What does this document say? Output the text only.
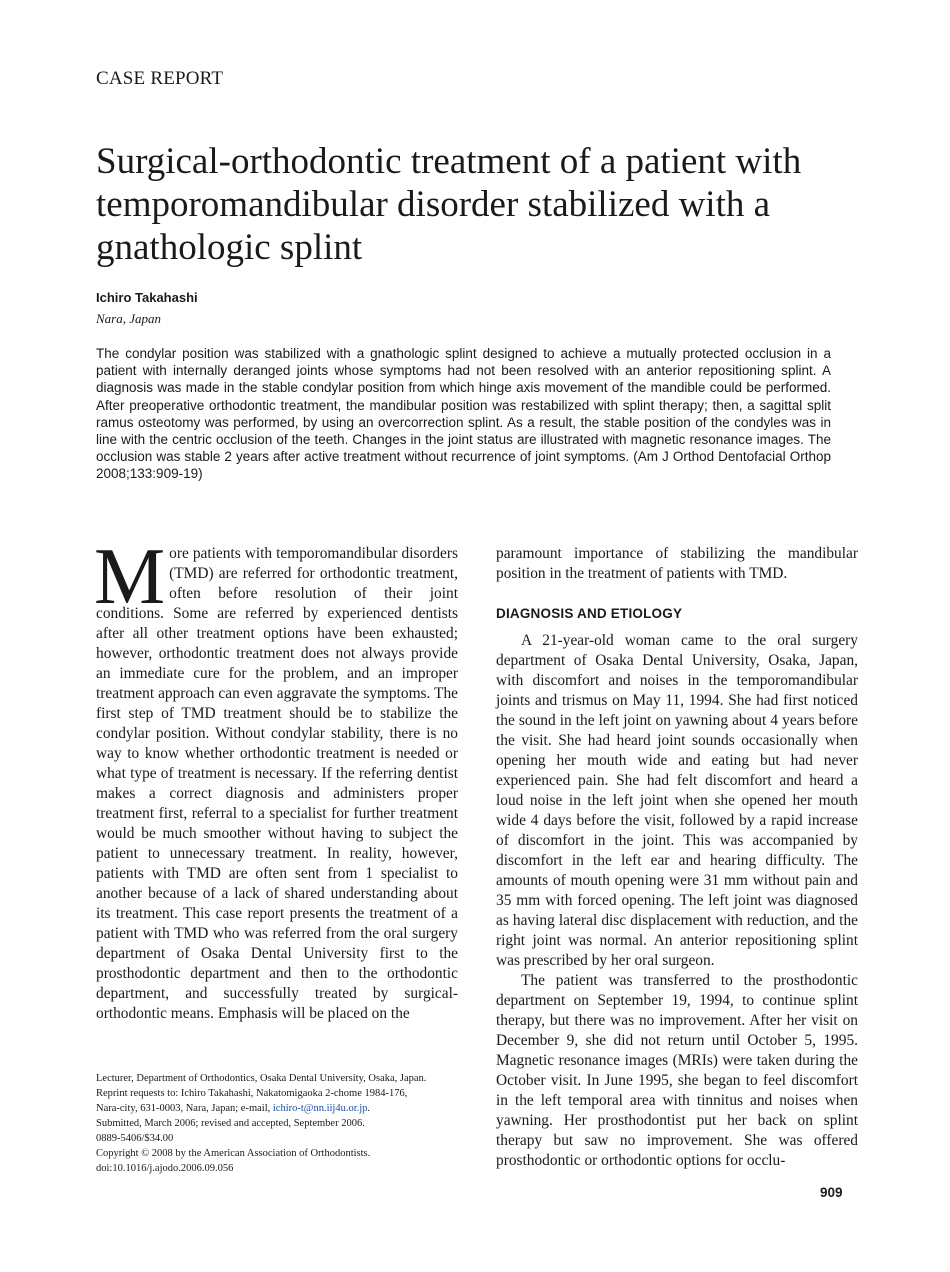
CASE REPORT
Surgical-orthodontic treatment of a patient with temporomandibular disorder stabilized with a gnathologic splint
Ichiro Takahashi
Nara, Japan

The condylar position was stabilized with a gnathologic splint designed to achieve a mutually protected occlusion in a patient with internally deranged joints whose symptoms had not been resolved with an anterior repositioning splint. A diagnosis was made in the stable condylar position from which hinge axis movement of the mandible could be performed. After preoperative orthodontic treatment, the mandibular position was restabilized with splint therapy; then, a sagittal split ramus osteotomy was performed, by using an overcorrection splint. As a result, the stable position of the condyles was in line with the centric occlusion of the teeth. Changes in the joint status are illustrated with magnetic resonance images. The occlusion was stable 2 years after active treatment without recurrence of joint symptoms. (Am J Orthod Dentofacial Orthop 2008;133:909-19)

More patients with temporomandibular disorders (TMD) are referred for orthodontic treatment, often before resolution of their joint conditions. Some are referred by experienced dentists after all other treatment options have been exhausted; however, orthodontic treatment does not always provide an immediate cure for the problem, and an improper treatment approach can even aggravate the symptoms. The first step of TMD treatment should be to stabilize the condylar position. Without condylar stability, there is no way to know whether orthodontic treatment is needed or what type of treatment is necessary. If the referring dentist makes a correct diagnosis and administers proper treatment first, referral to a specialist for further treatment would be much smoother without having to subject the patient to unnecessary treatment. In reality, however, patients with TMD are often sent from 1 specialist to another because of a lack of shared understanding about its treatment. This case report presents the treatment of a patient with TMD who was referred from the oral surgery department of Osaka Dental University first to the prosthodontic department and then to the orthodontic department, and successfully treated by surgical-orthodontic means. Emphasis will be placed on the

paramount importance of stabilizing the mandibular position in the treatment of patients with TMD.

DIAGNOSIS AND ETIOLOGY

A 21-year-old woman came to the oral surgery department of Osaka Dental University, Osaka, Japan, with discomfort and noises in the temporomandibular joints and trismus on May 11, 1994. She had first noticed the sound in the left joint on yawning about 4 years before the visit. She had heard joint sounds occasionally when opening her mouth wide and eating but had never experienced pain. She had felt discomfort and heard a loud noise in the left joint when she opened her mouth wide 4 days before the visit, followed by a rapid increase of discomfort in the joint. This was accompanied by discomfort in the left ear and hearing difficulty. The amounts of mouth opening were 31 mm without pain and 35 mm with forced opening. The left joint was diagnosed as having lateral disc displacement with reduction, and the right joint was normal. An anterior repositioning splint was prescribed by her oral surgeon.

The patient was transferred to the prosthodontic department on September 19, 1994, to continue splint therapy, but there was no improvement. After her visit on December 9, she did not return until October 5, 1995. Magnetic resonance images (MRIs) were taken during the October visit. In June 1995, she began to feel discomfort in the left temporal area with tinnitus and noises when yawning. Her prosthodontist put her back on splint therapy but saw no improvement. She was offered prosthodontic or orthodontic options for occlu-

Lecturer, Department of Orthodontics, Osaka Dental University, Osaka, Japan.
Reprint requests to: Ichiro Takahashi, Nakatomigaoka 2-chome 1984-176,
Nara-city, 631-0003, Nara, Japan; e-mail, ichiro-t@nn.iij4u.or.jp.
Submitted, March 2006; revised and accepted, September 2006.
0889-5406/$34.00
Copyright © 2008 by the American Association of Orthodontists.
doi:10.1016/j.ajodo.2006.09.056
909
